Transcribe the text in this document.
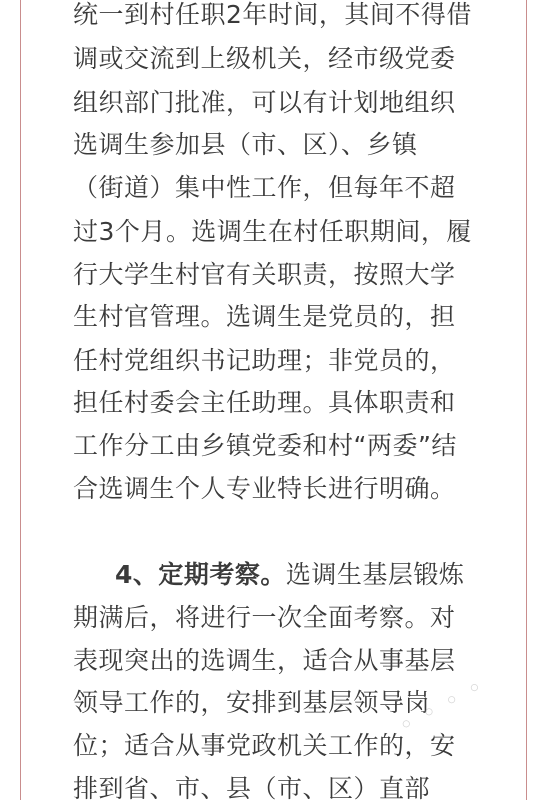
统一到村任职2年时间，其间不得借
调或交流到上级机关，经市级党委
组织部门批准，可以有计划地组织
选调生参加县（市、区）、乡镇
（街道）集中性工作，但每年不超
过3个月。选调生在村任职期间，履
行大学生村官有关职责，按照大学
生村官管理。选调生是党员的，担
任村党组织书记助理；非党员的，
担任村委会主任助理。具体职责和
工作分工由乡镇党委和村“两委”结
合选调生个人专业特长进行明确。
4、定期考察。选调生基层锻炼
期满后，将进行一次全面考察。对
表现突出的选调生，适合从事基层
领导工作的，安排到基层领导岗
位；适合从事党政机关工作的，安
排到省、市、县（市、区）直部
◦ ◦ ◦ ◦
